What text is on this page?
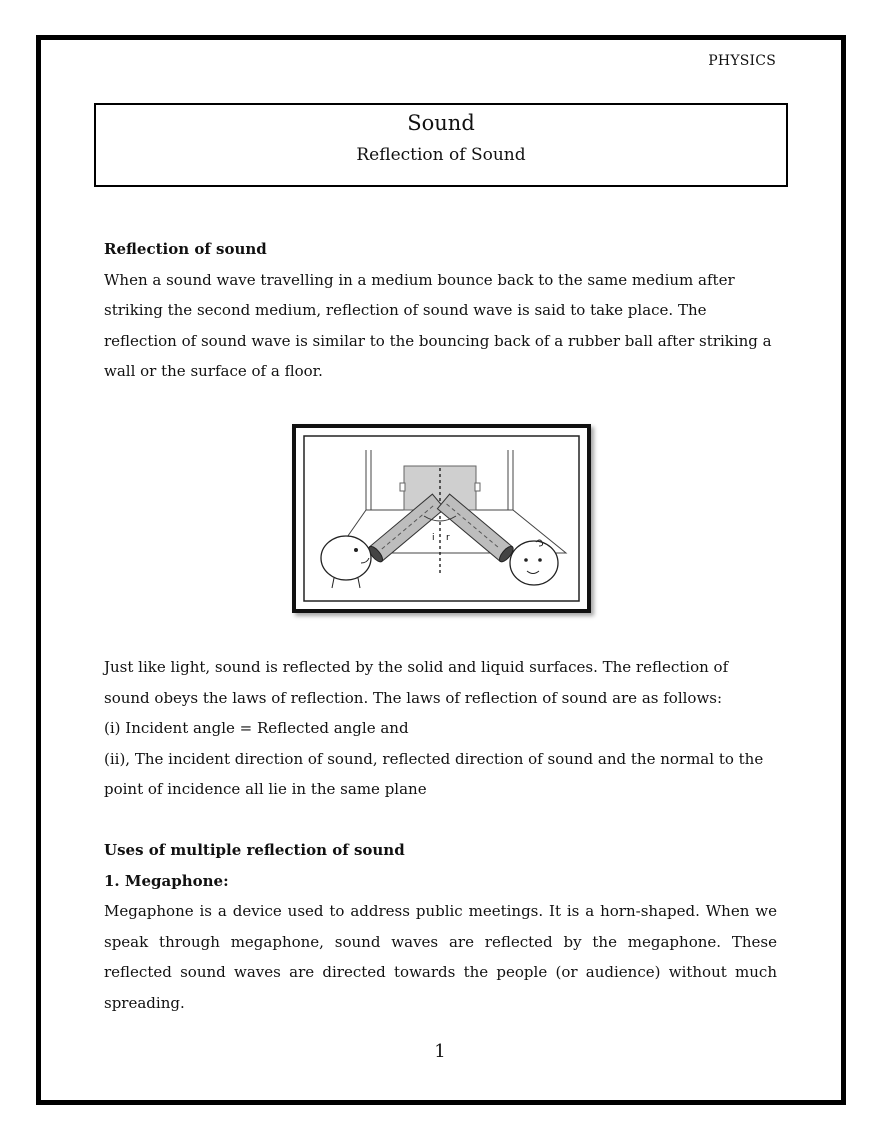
PHYSICS
Sound
Reflection of Sound
Reflection of sound
When a sound wave travelling in a medium bounce back to the same medium after striking the second medium, reflection of sound wave is said to take place. The reflection of sound wave is similar to the bouncing back of a rubber ball after striking a wall or the surface of a floor.
i r
Just like light, sound is reflected by the solid and liquid surfaces. The reflection of sound obeys the laws of reflection. The laws of reflection of sound are as follows:
(i) Incident angle = Reflected angle and
(ii), The incident direction of sound, reflected direction of sound and the normal to the point of incidence all lie in the same plane
Uses of multiple reflection of sound
1. Megaphone:
Megaphone is a device used to address public meetings. It is a horn-shaped. When we speak through megaphone, sound waves are reflected by the megaphone. These reflected sound waves are directed towards the people (or audience) without much spreading.
1
